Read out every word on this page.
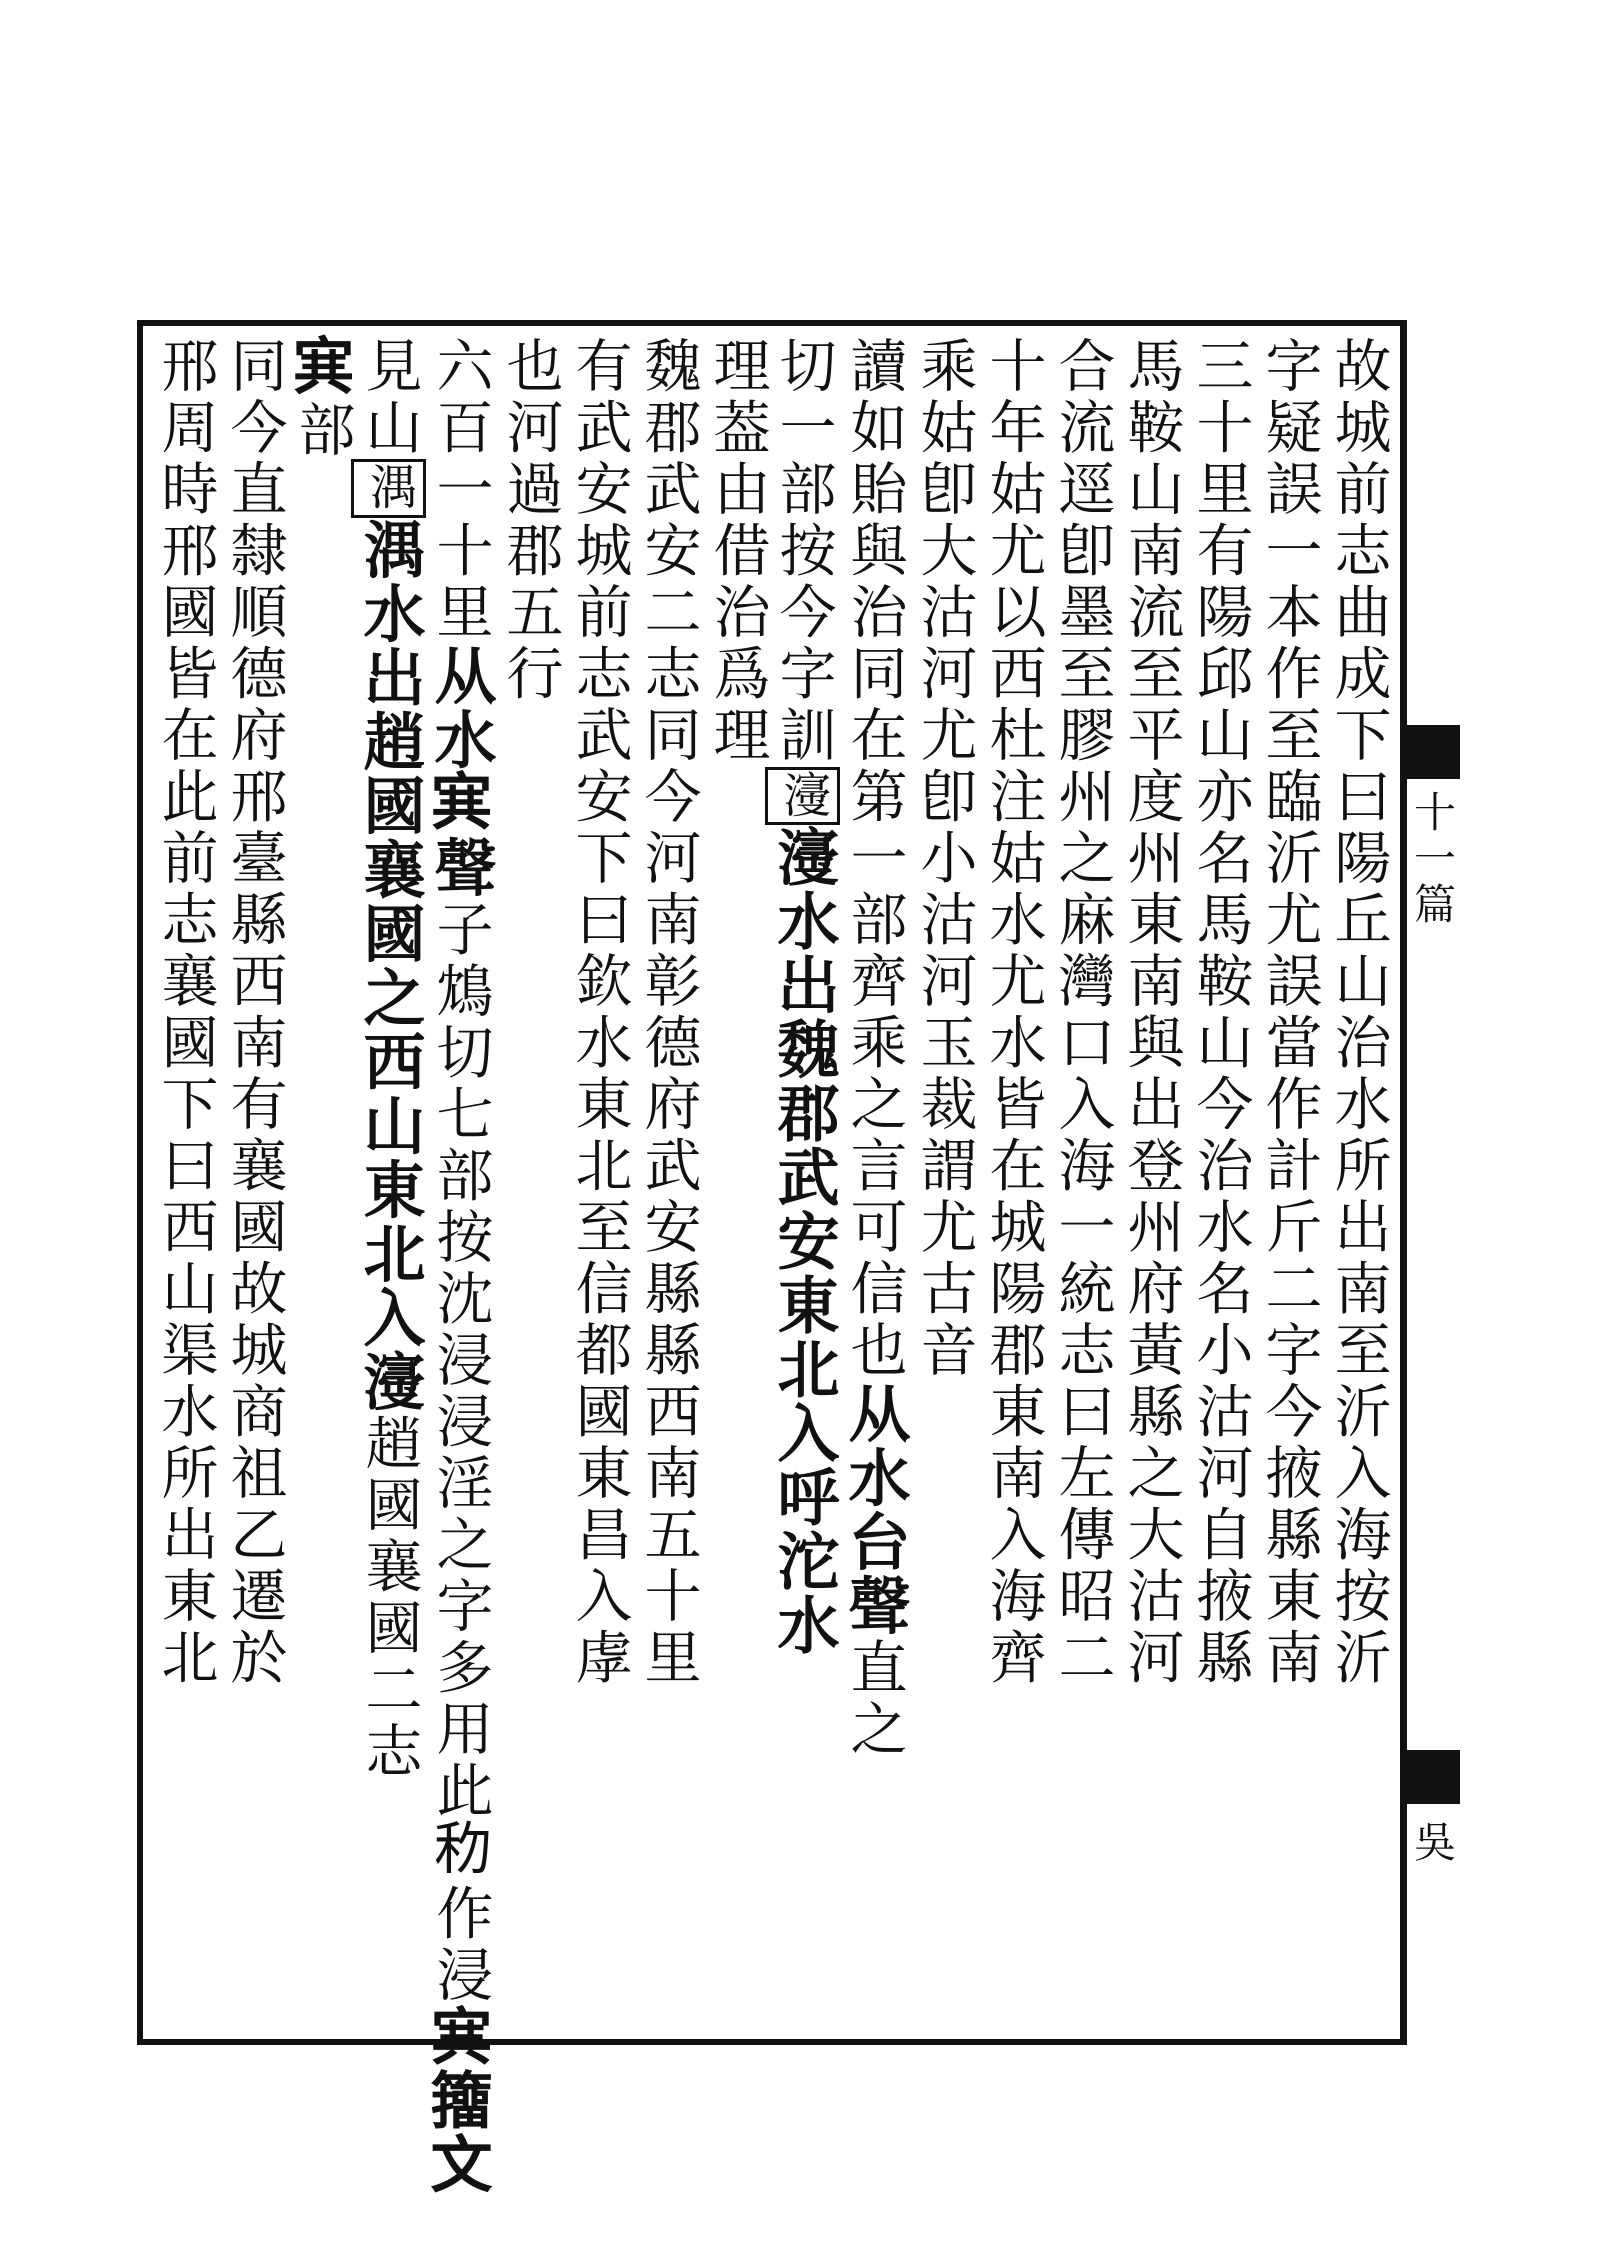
十一篇
吳
故城前志曲成下曰陽丘山治水所出南至沂入海按沂
字疑誤一本作至臨沂尤誤當作計斤二字今掖縣東南
三十里有陽邱山亦名馬鞍山今治水名小沽河自掖縣
馬鞍山南流至平度州東南與出登州府黃縣之大沽河
合流逕卽墨至膠州之麻灣口入海一統志曰左傳昭二
十年姑尤以西杜注姑水尤水皆在城陽郡東南入海齊
乘姑卽大沽河尤卽小沽河玉裁謂尤古音
讀如貽與治同在第一部齊乘之言可信也从水台聲直之
切一部按今字訓濅濅水出魏郡武安東北入呼沱水
理葢由借治爲理
魏郡武安二志同今河南彰德府武安縣縣西南五十里
有武安城前志武安下曰欽水東北至信都國東昌入虖
也河過郡五行
六百一十里从水𡨄聲子鴆切七部按沈浸浸淫之字多用此𥝢作浸𡨄籒文
見山湡湡水出趙國襄國之西山東北入濅趙國襄國二志
𡨄部
同今直隸順德府邢臺縣西南有襄國故城商祖乙遷於
邢周時邢國皆在此前志襄國下曰西山渠水所出東北
